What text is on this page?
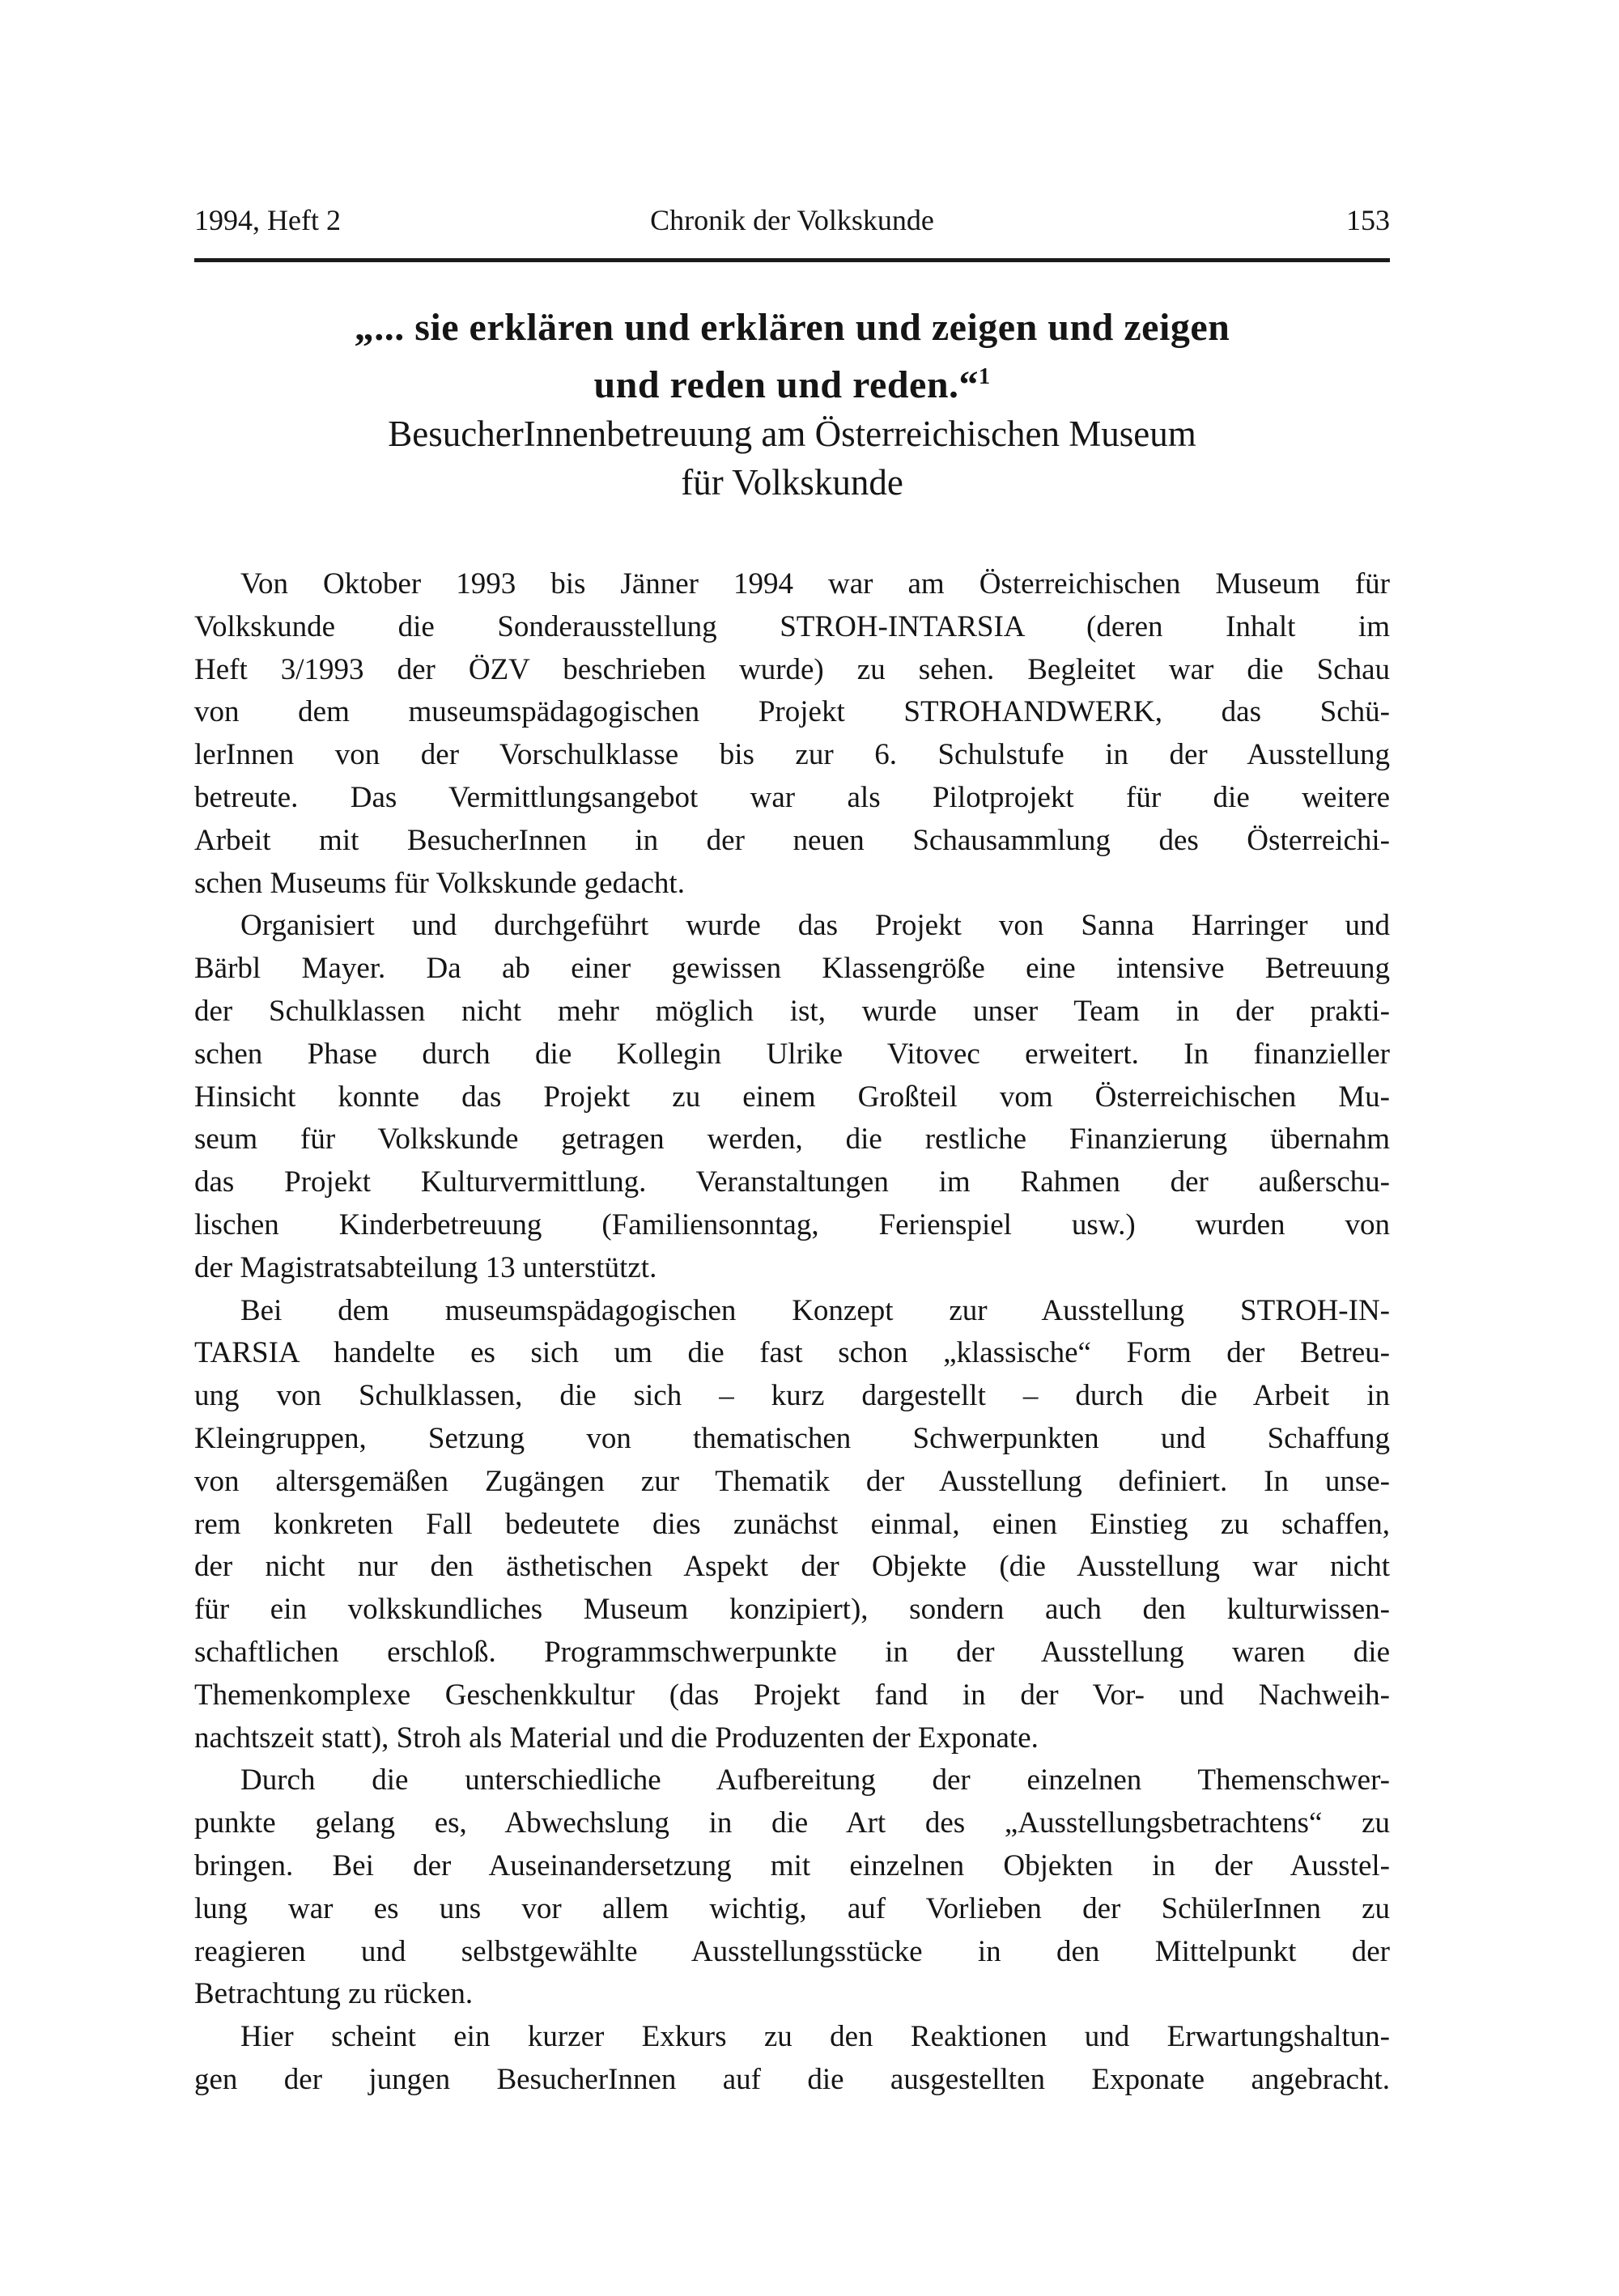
1994, Heft 2	Chronik der Volkskunde	153
„... sie erklären und erklären und zeigen und zeigen
und reden und reden.“$^1$
BesucherInnenbetreuung am Österreichischen Museum
für Volkskunde
Von Oktober 1993 bis Jänner 1994 war am Österreichischen Museum für
Volkskunde die Sonderausstellung STROH-INTARSIA (deren Inhalt im
Heft 3/1993 der ÖZV beschrieben wurde) zu sehen. Begleitet war die Schau
von dem museumspädagogischen Projekt STROHANDWERK, das Schü-
lerInnen von der Vorschulklasse bis zur 6. Schulstufe in der Ausstellung
betreute. Das Vermittlungsangebot war als Pilotprojekt für die weitere
Arbeit mit BesucherInnen in der neuen Schausammlung des Österreichi-
schen Museums für Volkskunde gedacht.
Organisiert und durchgeführt wurde das Projekt von Sanna Harringer und
Bärbl Mayer. Da ab einer gewissen Klassengröße eine intensive Betreuung
der Schulklassen nicht mehr möglich ist, wurde unser Team in der prakti-
schen Phase durch die Kollegin Ulrike Vitovec erweitert. In finanzieller
Hinsicht konnte das Projekt zu einem Großteil vom Österreichischen Mu-
seum für Volkskunde getragen werden, die restliche Finanzierung übernahm
das Projekt Kulturvermittlung. Veranstaltungen im Rahmen der außerschu-
lischen Kinderbetreuung (Familiensonntag, Ferienspiel usw.) wurden von
der Magistratsabteilung 13 unterstützt.
Bei dem museumspädagogischen Konzept zur Ausstellung STROH-IN-
TARSIA handelte es sich um die fast schon „klassische“ Form der Betreu-
ung von Schulklassen, die sich – kurz dargestellt – durch die Arbeit in
Kleingruppen, Setzung von thematischen Schwerpunkten und Schaffung
von altersgemäßen Zugängen zur Thematik der Ausstellung definiert. In unse-
rem konkreten Fall bedeutete dies zunächst einmal, einen Einstieg zu schaffen,
der nicht nur den ästhetischen Aspekt der Objekte (die Ausstellung war nicht
für ein volkskundliches Museum konzipiert), sondern auch den kulturwissen-
schaftlichen erschloß. Programmschwerpunkte in der Ausstellung waren die
Themenkomplexe Geschenkkultur (das Projekt fand in der Vor- und Nachweih-
nachtszeit statt), Stroh als Material und die Produzenten der Exponate.
Durch die unterschiedliche Aufbereitung der einzelnen Themenschwer-
punkte gelang es, Abwechslung in die Art des „Ausstellungsbetrachtens“ zu
bringen. Bei der Auseinandersetzung mit einzelnen Objekten in der Ausstel-
lung war es uns vor allem wichtig, auf Vorlieben der SchülerInnen zu
reagieren und selbstgewählte Ausstellungsstücke in den Mittelpunkt der
Betrachtung zu rücken.
Hier scheint ein kurzer Exkurs zu den Reaktionen und Erwartungshaltun-
gen der jungen BesucherInnen auf die ausgestellten Exponate angebracht.
